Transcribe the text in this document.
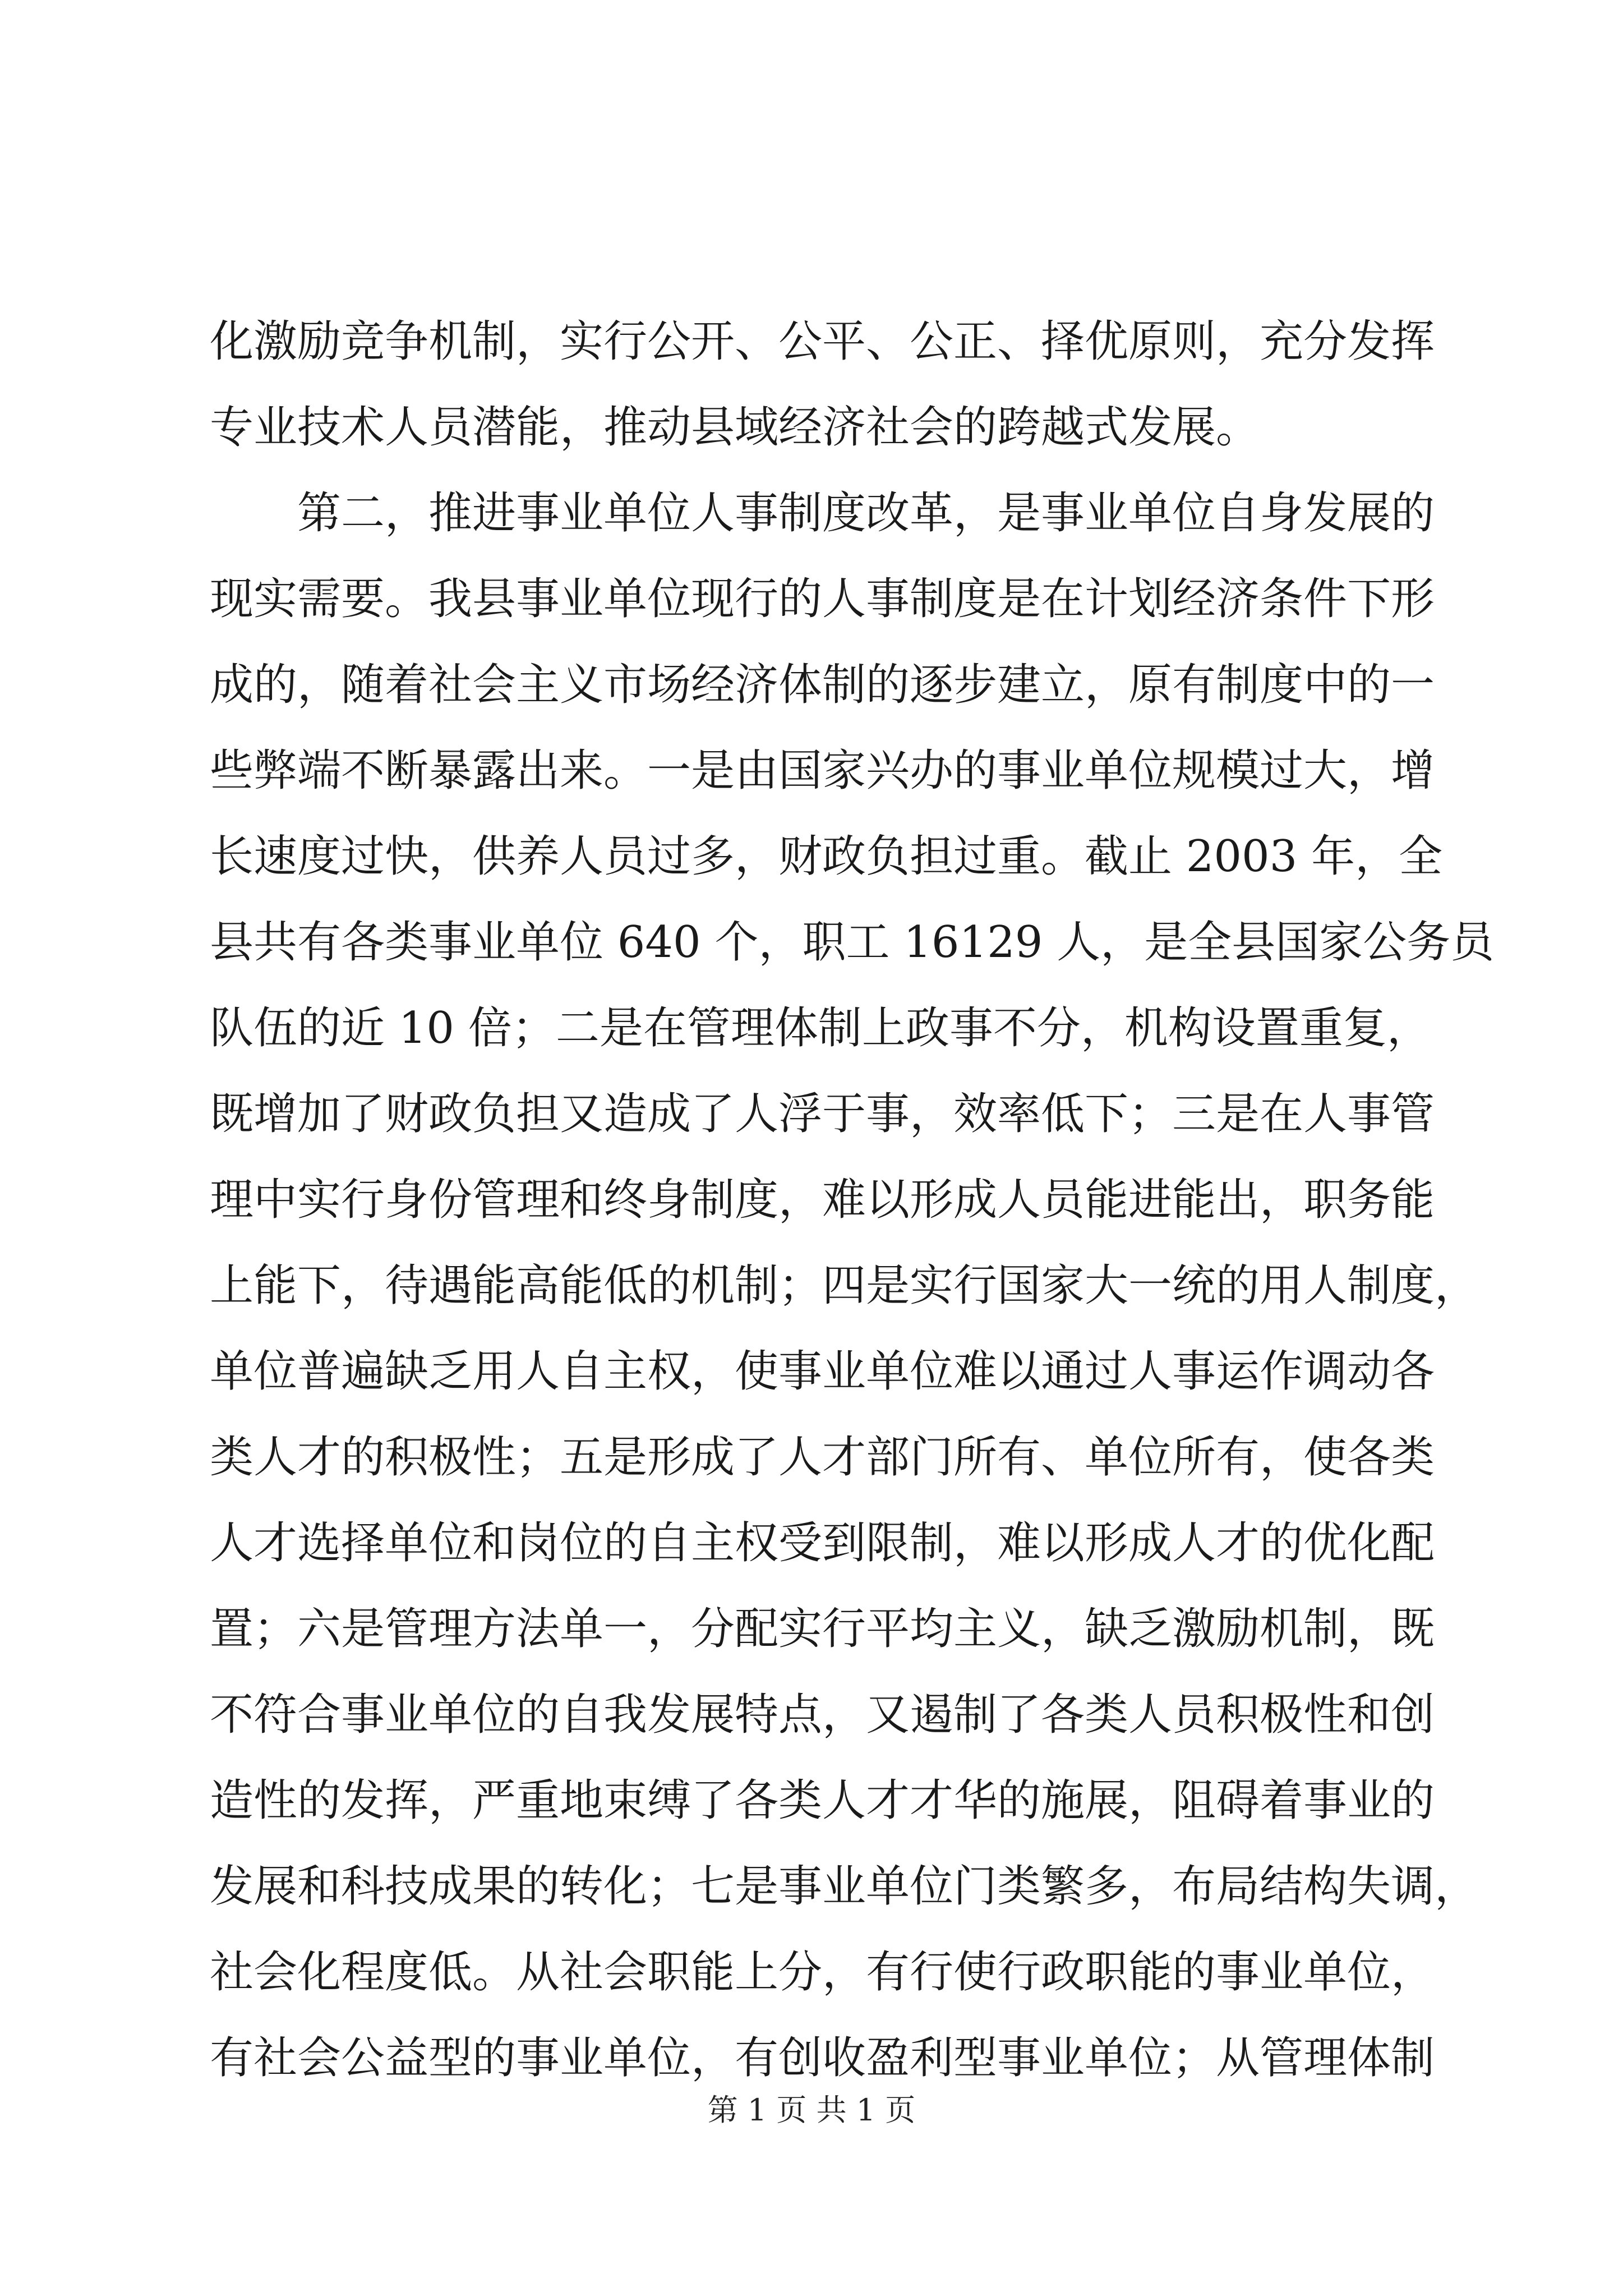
化激励竞争机制，实行公开、公平、公正、择优原则，充分发挥
专业技术人员潜能，推动县域经济社会的跨越式发展。
第二，推进事业单位人事制度改革，是事业单位自身发展的
现实需要。我县事业单位现行的人事制度是在计划经济条件下形
成的，随着社会主义市场经济体制的逐步建立，原有制度中的一
些弊端不断暴露出来。一是由国家兴办的事业单位规模过大，增
长速度过快，供养人员过多，财政负担过重。截止 2003 年，全
县共有各类事业单位 640 个，职工 16129 人，是全县国家公务员
队伍的近 10 倍；二是在管理体制上政事不分，机构设置重复，
既增加了财政负担又造成了人浮于事，效率低下；三是在人事管
理中实行身份管理和终身制度，难以形成人员能进能出，职务能
上能下，待遇能高能低的机制；四是实行国家大一统的用人制度，
单位普遍缺乏用人自主权，使事业单位难以通过人事运作调动各
类人才的积极性；五是形成了人才部门所有、单位所有，使各类
人才选择单位和岗位的自主权受到限制，难以形成人才的优化配
置；六是管理方法单一，分配实行平均主义，缺乏激励机制，既
不符合事业单位的自我发展特点，又遏制了各类人员积极性和创
造性的发挥，严重地束缚了各类人才才华的施展，阻碍着事业的
发展和科技成果的转化；七是事业单位门类繁多，布局结构失调，
社会化程度低。从社会职能上分，有行使行政职能的事业单位，
有社会公益型的事业单位，有创收盈利型事业单位；从管理体制
第 1 页 共 1 页
